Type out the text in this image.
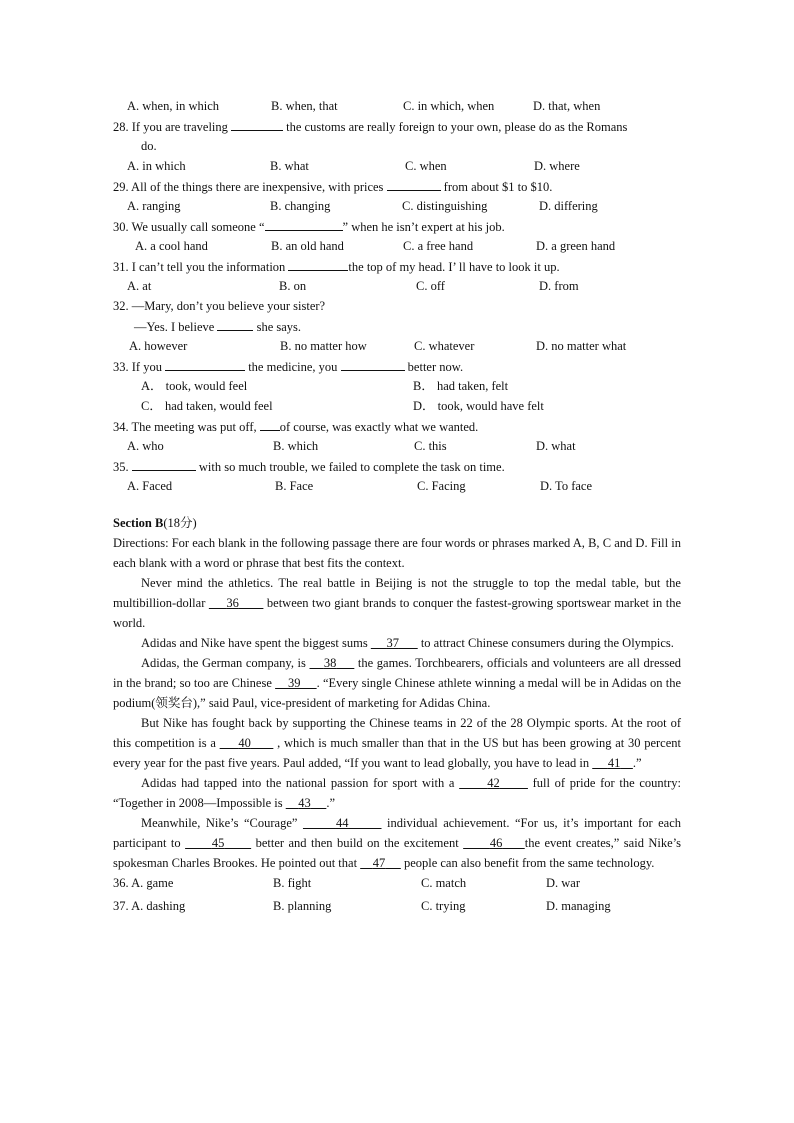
A. when, in which	B. when, that	C. in which, when	D. that, when
28. If you are traveling	the customs are really foreign to your own, please do as the Romans
do.
A. in which	B. what	C. when	D. where
29. All of the things there are inexpensive, with prices	from about $1 to $10.
A. ranging	B. changing	C. distinguishing	D. differing
30. We usually call someone “	” when he isn’t expert at his job.
A. a cool hand	B. an old hand	C. a free hand	D. a green hand
31. I can’t tell you the information	the top of my head. I’ ll have to look it up.
A. at	B. on	C. off	D. from
32. —Mary, don’t you believe your sister?
—Yes. I believe	she says.
A. however	B. no matter how	C. whatever	D. no matter what
33. If you	the medicine, you	better now.
A． took, would feel	B． had taken, felt
C． had taken, would feel	D． took, would have felt
34. The meeting was put off, of course, was exactly what we wanted.
A. who	B. which	C. this	D. what
35.	with so much trouble, we failed to complete the task on time.
A. Faced	B. Face	C. Facing	D. To face
Section B(18分)

Directions: For each blank in the following passage there are four words or phrases marked A, B, C and D. Fill in each blank with a word or phrase that best fits the context.

Never mind the athletics. The real battle in Beijing is not the struggle to top the medal table, but the multibillion-dollar      36        between two giant brands to conquer the fastest-growing sportswear market in the world.

Adidas and Nike have spent the biggest sums      37       to attract Chinese consumers during the Olympics.

Adidas, the German company, is     38      the games. Torchbearers, officials and volunteers are all dressed in the brand; so too are Chinese     39 . “Every single Chinese athlete winning a medal will be in Adidas on the podium(领奖台),” said Paul, vice-president of marketing for Adidas China.

But Nike has fought back by supporting the Chinese teams in 22 of the 28 Olympic sports. At the root of this competition is a      40       , which is much smaller than that in the US but has been growing at 30 percent every year for the past five years. Paul added, “If you want to lead globally, you have to lead in      41 .”

Adidas had tapped into the national passion for sport with a       42       full of pride for the country: “Together in 2008—Impossible is     43 .”

Meanwhile, Nike’s “Courage”	44	individual achievement. “For us, it’s important for each participant to       45       better and then build on the excitement       46 the event creates,” said Nike’s spokesman Charles Brookes. He pointed out that     47      people can also benefit from the same technology.

36. A. game	B. fight	C. match	D. war
37. A. dashing	B. planning	C. trying	D. managing
